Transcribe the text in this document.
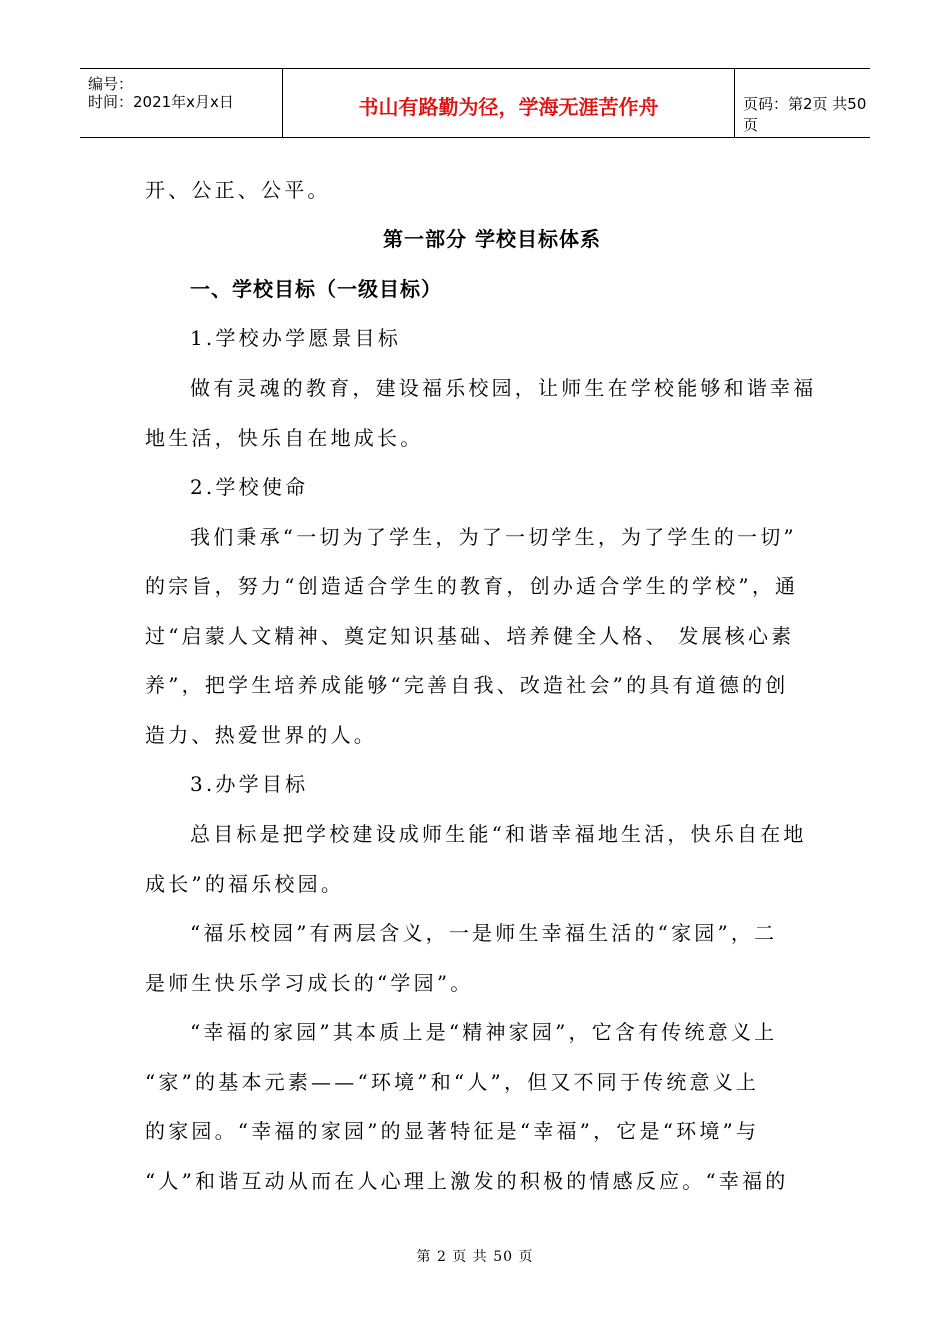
编号：
时间：2021年x月x日	书山有路勤为径，学海无涯苦作舟	页码：第2页 共50页
开、公正、公平。
第一部分 学校目标体系
一、学校目标（一级目标）
1.学校办学愿景目标
做有灵魂的教育，建设福乐校园，让师生在学校能够和谐幸福
地生活，快乐自在地成长。
2.学校使命
我们秉承“一切为了学生，为了一切学生，为了学生的一切”
的宗旨，努力“创造适合学生的教育，创办适合学生的学校”，通
过“启蒙人文精神、奠定知识基础、培养健全人格、 发展核心素
养”，把学生培养成能够“完善自我、改造社会”的具有道德的创
造力、热爱世界的人。
3.办学目标
总目标是把学校建设成师生能“和谐幸福地生活，快乐自在地
成长”的福乐校园。
“福乐校园”有两层含义，一是师生幸福生活的“家园”，二
是师生快乐学习成长的“学园”。
“幸福的家园”其本质上是“精神家园”，它含有传统意义上
“家”的基本元素——“环境”和“人”，但又不同于传统意义上
的家园。“幸福的家园”的显著特征是“幸福”，它是“环境”与
“人”和谐互动从而在人心理上激发的积极的情感反应。“幸福的
第 2 页 共 50 页
